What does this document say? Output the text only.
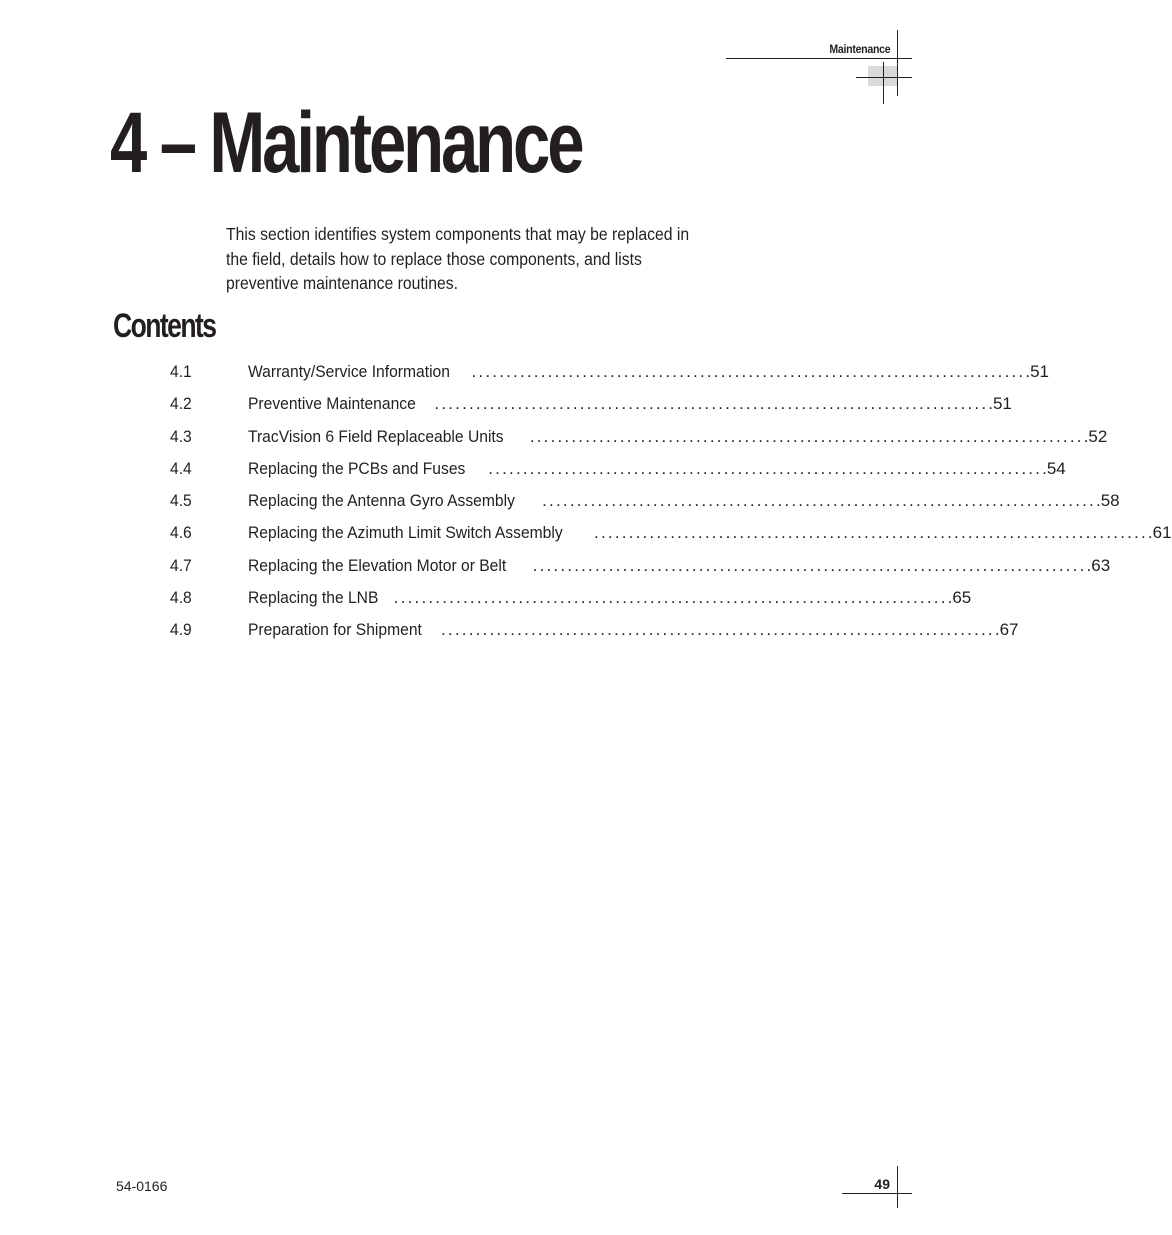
Maintenance
4 – Maintenance
This section identifies system components that may be replaced in the field, details how to replace those components, and lists preventive maintenance routines.
Contents
4.1	Warranty/Service Information ................................................................................ .51
4.2	Preventive Maintenance ................................................................................ .51
4.3	TracVision 6 Field Replaceable Units ................................................................................ .52
4.4	Replacing the PCBs and Fuses ................................................................................ .54
4.5	Replacing the Antenna Gyro Assembly ................................................................................ .58
4.6	Replacing the Azimuth Limit Switch Assembly ................................................................................ .61
4.7	Replacing the Elevation Motor or Belt ................................................................................ .63
4.8	Replacing the LNB ................................................................................ .65
4.9	Preparation for Shipment ................................................................................ .67
54-0166	49
